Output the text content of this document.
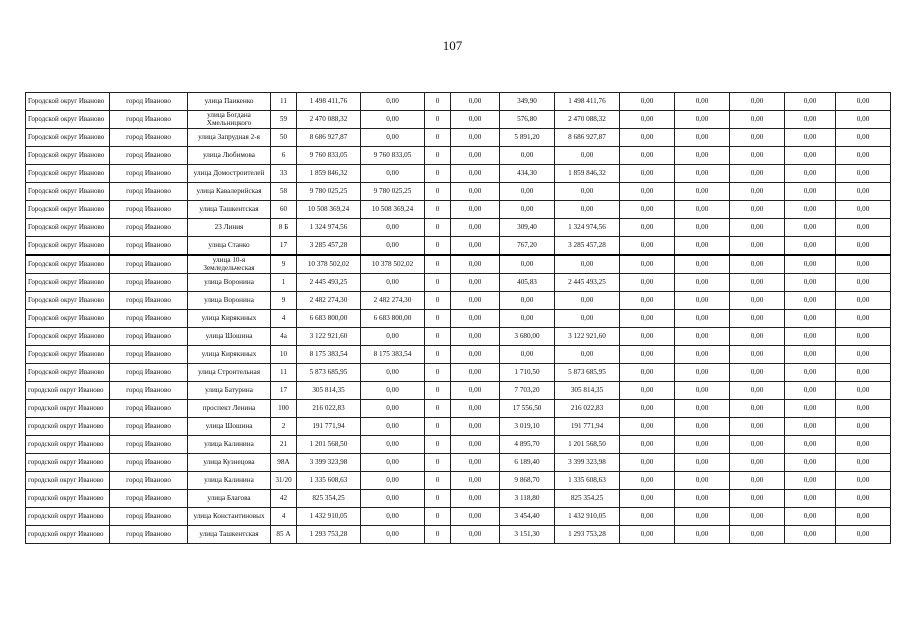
107
Городской округ Иваново	город Иваново	улица Панкенко	11	1 498 411,76	0,00	0	0,00	349,90	1 498 411,76	0,00	0,00	0,00	0,00	0,00
Городской округ Иваново	город Иваново	улица Богдана Хмельницкого	59	2 470 088,32	0,00	0	0,00	576,80	2 470 088,32	0,00	0,00	0,00	0,00	0,00
Городской округ Иваново	город Иваново	улица Запрудная 2-я	50	8 686 927,87	0,00	0	0,00	5 891,20	8 686 927,87	0,00	0,00	0,00	0,00	0,00
Городской округ Иваново	город Иваново	улица Любимова	6	9 760 833,05	9 760 833,05	0	0,00	0,00	0,00	0,00	0,00	0,00	0,00	0,00
Городской округ Иваново	город Иваново	улица Домостроителей	33	1 859 846,32	0,00	0	0,00	434,30	1 859 846,32	0,00	0,00	0,00	0,00	0,00
Городской округ Иваново	город Иваново	улица Кавалерийская	58	9 780 025,25	9 780 025,25	0	0,00	0,00	0,00	0,00	0,00	0,00	0,00	0,00
Городской округ Иваново	город Иваново	улица Ташкентская	60	10 508 369,24	10 508 369,24	0	0,00	0,00	0,00	0,00	0,00	0,00	0,00	0,00
Городской округ Иваново	город Иваново	23 Линия	8 Б	1 324 974,56	0,00	0	0,00	309,40	1 324 974,56	0,00	0,00	0,00	0,00	0,00
Городской округ Иваново	город Иваново	улица Станко	17	3 285 457,28	0,00	0	0,00	767,20	3 285 457,28	0,00	0,00	0,00	0,00	0,00
Городской округ Иваново	город Иваново	улица 10-я Земледельческая	9	10 378 502,02	10 378 502,02	0	0,00	0,00	0,00	0,00	0,00	0,00	0,00	0,00
Городской округ Иваново	город Иваново	улица Воронина	1	2 445 493,25	0,00	0	0,00	405,83	2 445 493,25	0,00	0,00	0,00	0,00	0,00
Городской округ Иваново	город Иваново	улица Воронина	9	2 482 274,30	2 482 274,30	0	0,00	0,00	0,00	0,00	0,00	0,00	0,00	0,00
Городской округ Иваново	город Иваново	улица Кирякиных	4	6 683 800,00	6 683 800,00	0	0,00	0,00	0,00	0,00	0,00	0,00	0,00	0,00
Городской округ Иваново	город Иваново	улица Шошина	4а	3 122 921,60	0,00	0	0,00	3 680,00	3 122 921,60	0,00	0,00	0,00	0,00	0,00
Городской округ Иваново	город Иваново	улица Кирякиных	10	8 175 383,54	8 175 383,54	0	0,00	0,00	0,00	0,00	0,00	0,00	0,00	0,00
Городской округ Иваново	город Иваново	улица Строительная	11	5 873 685,95	0,00	0	0,00	1 710,50	5 873 685,95	0,00	0,00	0,00	0,00	0,00
городской округ Иваново	город Иваново	улица Батурина	17	305 814,35	0,00	0	0,00	7 703,20	305 814,35	0,00	0,00	0,00	0,00	0,00
городской округ Иваново	город Иваново	проспект Ленина	100	216 022,83	0,00	0	0,00	17 556,50	216 022,83	0,00	0,00	0,00	0,00	0,00
городской округ Иваново	город Иваново	улица Шошина	2	191 771,94	0,00	0	0,00	3 019,10	191 771,94	0,00	0,00	0,00	0,00	0,00
городской округ Иваново	город Иваново	улица Калинина	21	1 201 568,50	0,00	0	0,00	4 895,70	1 201 568,50	0,00	0,00	0,00	0,00	0,00
городской округ Иваново	город Иваново	улица Кузнецова	98А	3 399 323,98	0,00	0	0,00	6 189,40	3 399 323,98	0,00	0,00	0,00	0,00	0,00
городской округ Иваново	город Иваново	улица Калинина	31/20	1 335 608,63	0,00	0	0,00	9 868,70	1 335 608,63	0,00	0,00	0,00	0,00	0,00
городской округ Иваново	город Иваново	улица Благова	42	825 354,25	0,00	0	0,00	3 118,80	825 354,25	0,00	0,00	0,00	0,00	0,00
городской округ Иваново	город Иваново	улица Константиновых	4	1 432 910,05	0,00	0	0,00	3 454,40	1 432 910,05	0,00	0,00	0,00	0,00	0,00
городской округ Иваново	город Иваново	улица Ташкентская	85 А	1 293 753,28	0,00	0	0,00	3 151,30	1 293 753,28	0,00	0,00	0,00	0,00	0,00
